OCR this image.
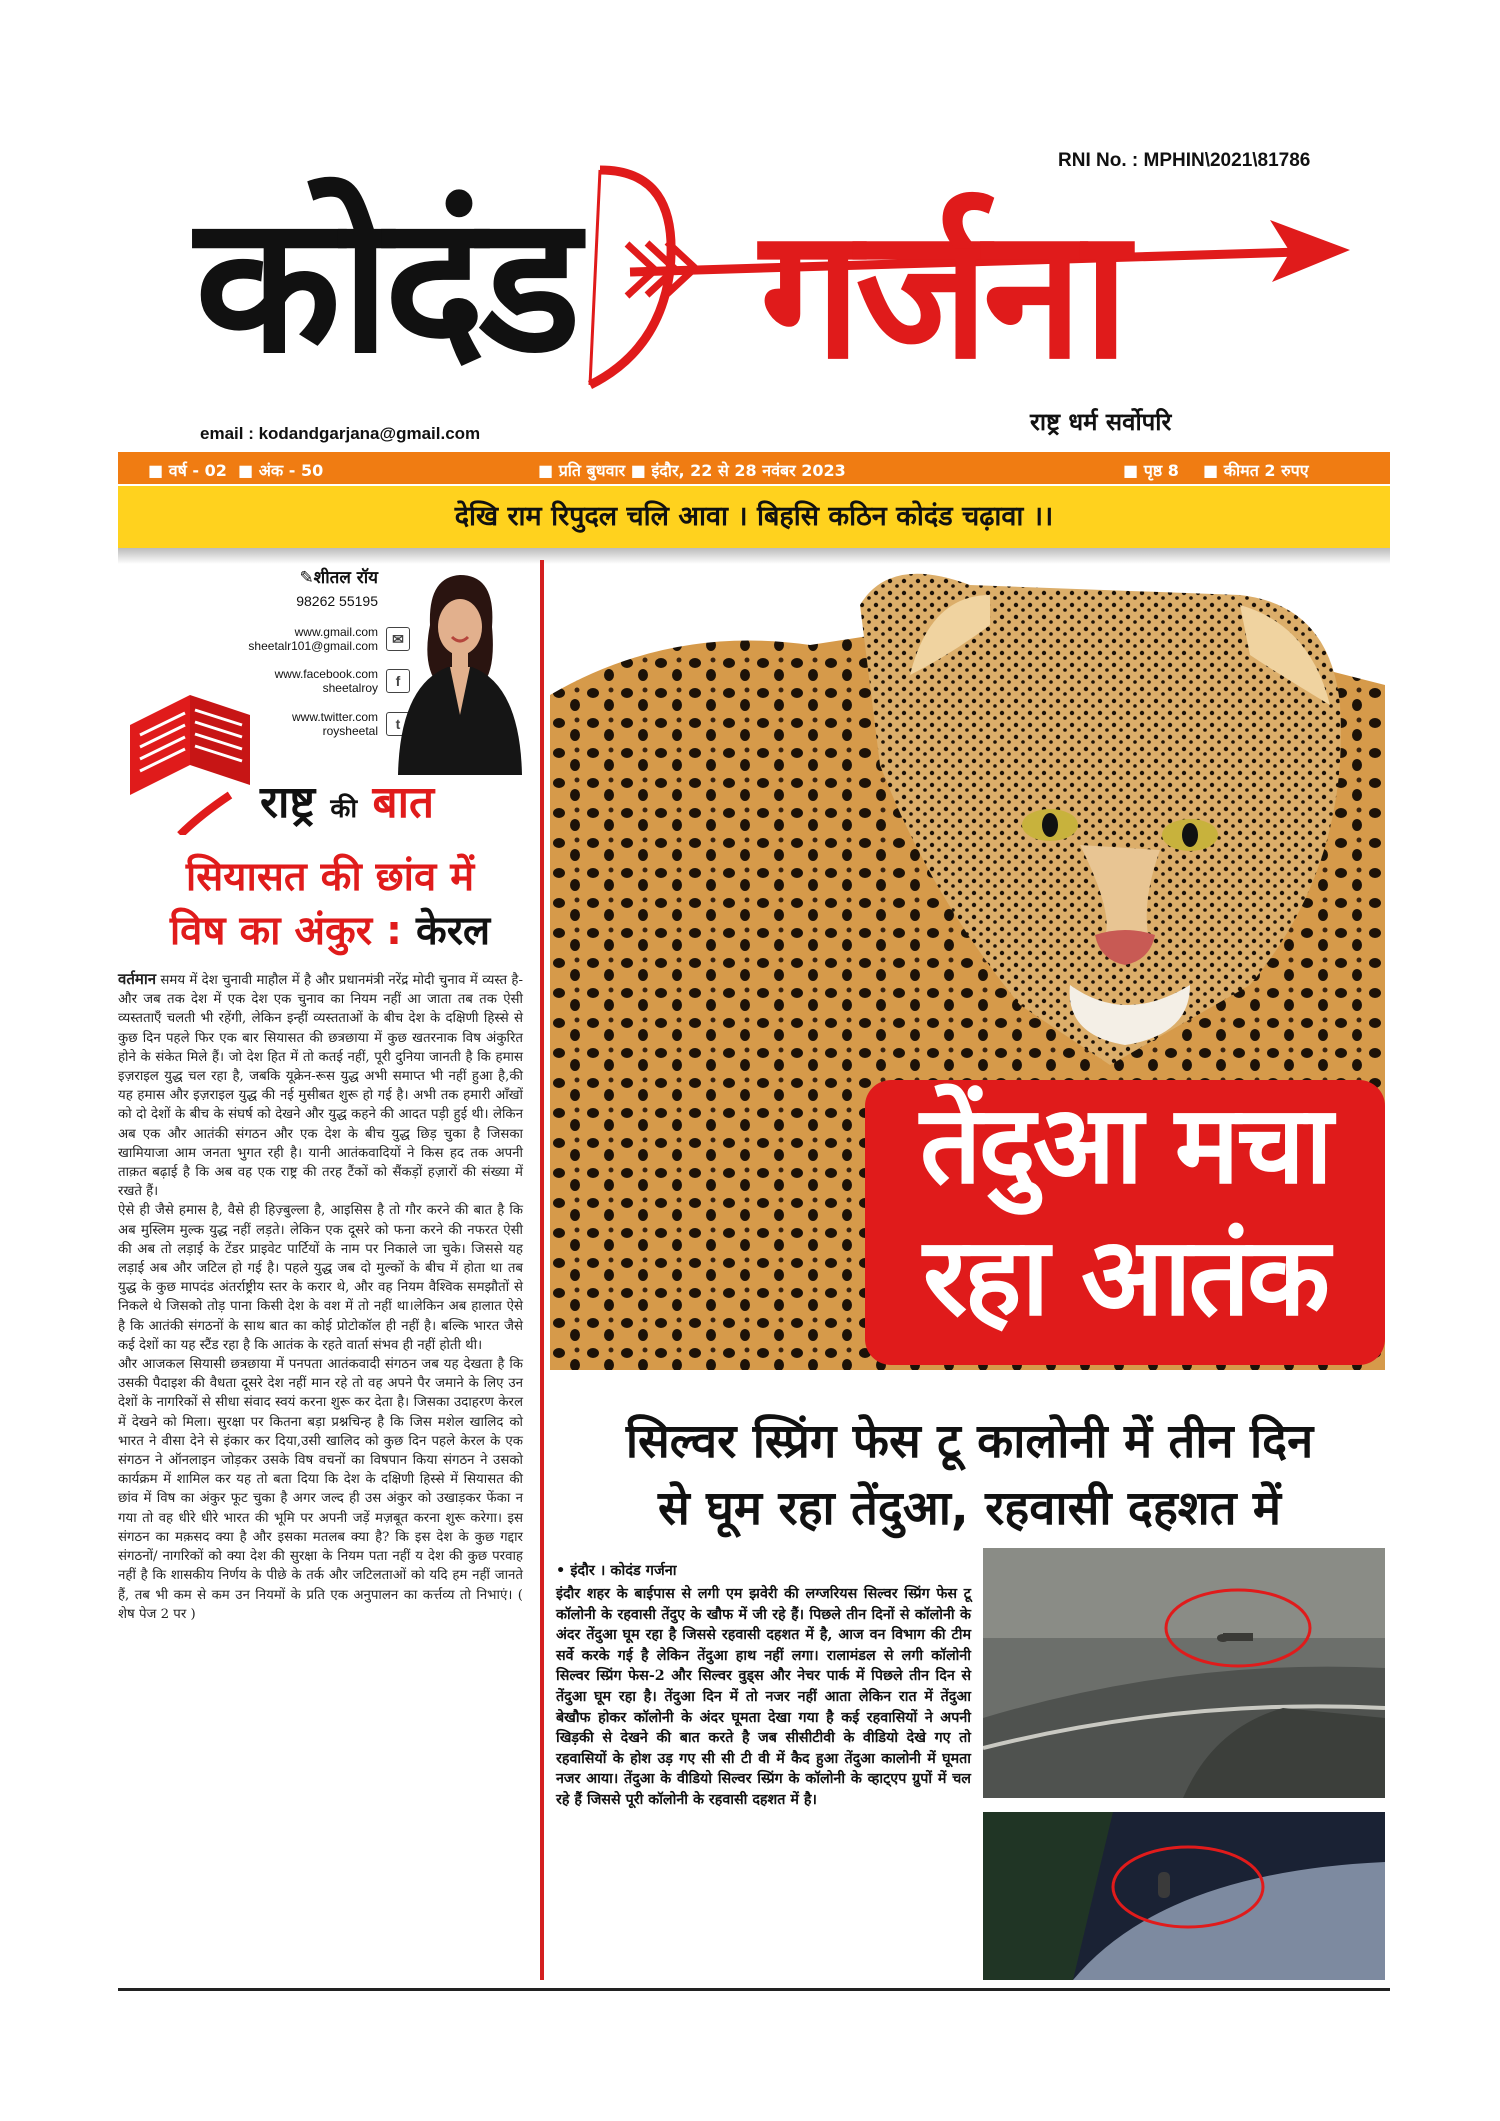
RNI No. : MPHIN\2021\81786
कोदंड गर्जना
राष्ट्र धर्म सर्वोपरि
email : kodandgarjana@gmail.com
■ वर्ष - 02 ■ अंक - 50	■ प्रति बुधवार ■ इंदौर, 22 से 28 नवंबर 2023	■ पृष्ठ 8 ■ कीमत 2 रुपए
देखि राम रिपुदल चलि आवा । बिहसि कठिन कोदंड चढ़ावा ।।
✎शीतल रॉय
98262 55195
www.gmail.com
sheetalr101@gmail.com	✉
www.facebook.com
sheetalroy	f
www.twitter.com
roysheetal	t
राष्ट्र की बात
सियासत की छांव में
विष का अंकुर : केरल

वर्तमान समय में देश चुनावी माहौल में है और प्रधानमंत्री नरेंद्र मोदी चुनाव में व्यस्त है- और जब तक देश में एक देश एक चुनाव का नियम नहीं आ जाता तब तक ऐसी व्यस्तताएँ चलती भी रहेंगी, लेकिन इन्हीं व्यस्तताओं के बीच देश के दक्षिणी हिस्से से कुछ दिन पहले फिर एक बार सियासत की छत्रछाया में कुछ खतरनाक विष अंकुरित होने के संकेत मिले हैं। जो देश हित में तो कतई नहीं, पूरी दुनिया जानती है कि हमास इज़राइल युद्ध चल रहा है, जबकि यूक्रेन-रूस युद्ध अभी समाप्त भी नहीं हुआ है,की यह हमास और इज़राइल युद्ध की नई मुसीबत शुरू हो गई है। अभी तक हमारी आँखों को दो देशों के बीच के संघर्ष को देखने और युद्ध कहने की आदत पड़ी हुई थी। लेकिन अब एक और आतंकी संगठन और एक देश के बीच युद्ध छिड़ चुका है जिसका खामियाजा आम जनता भुगत रही है। यानी आतंकवादियों ने किस हद तक अपनी ताक़त बढ़ाई है कि अब वह एक राष्ट्र की तरह टैंकों को सैंकड़ों हज़ारों की संख्या में रखते हैं।

ऐसे ही जैसे हमास है, वैसे ही हिज़्बुल्ला है, आइसिस है तो गौर करने की बात है कि अब मुस्लिम मुल्क युद्ध नहीं लड़ते। लेकिन एक दूसरे को फना करने की नफरत ऐसी की अब तो लड़ाई के टेंडर प्राइवेट पार्टियों के नाम पर निकाले जा चुके। जिससे यह लड़ाई अब और जटिल हो गई है। पहले युद्ध जब दो मुल्कों के बीच में होता था तब युद्ध के कुछ मापदंड अंतर्राष्ट्रीय स्तर के करार थे, और वह नियम वैश्विक समझौतों से निकले थे जिसको तोड़ पाना किसी देश के वश में तो नहीं था।लेकिन अब हालात ऐसे है कि आतंकी संगठनों के साथ बात का कोई प्रोटोकॉल ही नहीं है। बल्कि भारत जैसे कई देशों का यह स्टैंड रहा है कि आतंक के रहते वार्ता संभव ही नहीं होती थी।

और आजकल सियासी छत्रछाया में पनपता आतंकवादी संगठन जब यह देखता है कि उसकी पैदाइश की वैधता दूसरे देश नहीं मान रहे तो वह अपने पैर जमाने के लिए उन देशों के नागरिकों से सीधा संवाद स्वयं करना शुरू कर देता है। जिसका उदाहरण केरल में देखने को मिला। सुरक्षा पर कितना बड़ा प्रश्नचिन्ह है कि जिस मशेल खालिद को भारत ने वीसा देने से इंकार कर दिया,उसी खालिद को कुछ दिन पहले केरल के एक संगठन ने ऑनलाइन जोड़कर उसके विष वचनों का विषपान किया संगठन ने उसको कार्यक्रम में शामिल कर यह तो बता दिया कि देश के दक्षिणी हिस्से में सियासत की छांव में विष का अंकुर फूट चुका है अगर जल्द ही उस अंकुर को उखाड़कर फेंका न गया तो वह धीरे धीरे भारत की भूमि पर अपनी जड़ें मज़बूत करना शुरू करेगा। इस संगठन का मक़सद क्या है और इसका मतलब क्या है? कि इस देश के कुछ गद्दार संगठनों/ नागरिकों को क्या देश की सुरक्षा के नियम पता नहीं य देश की कुछ परवाह नहीं है कि शासकीय निर्णय के पीछे के तर्क और जटिलताओं को यदि हम नहीं जानते हैं, तब भी कम से कम उन नियमों के प्रति एक अनुपालन का कर्त्तव्य तो निभाएं। ( शेष पेज 2 पर )

तेंदुआ मचा
रहा आतंक
सिल्वर स्प्रिंग फेस टू कालोनी में तीन दिन
से घूम रहा तेंदुआ, रहवासी दहशत में
• इंदौर । कोदंड गर्जना
इंदौर शहर के बाईपास से लगी एम झवेरी की लग्जरियस सिल्वर स्प्रिंग फेस टू कॉलोनी के रहवासी तेंदुए के खौफ में जी रहे हैं। पिछले तीन दिनों से कॉलोनी के अंदर तेंदुआ घूम रहा है जिससे रहवासी दहशत में है, आज वन विभाग की टीम सर्वे करके गई है लेकिन तेंदुआ हाथ नहीं लगा। रालामंडल से लगी कॉलोनी सिल्वर स्प्रिंग फेस-2 और सिल्वर वुड्स और नेचर पार्क में पिछले तीन दिन से तेंदुआ घूम रहा है। तेंदुआ दिन में तो नजर नहीं आता लेकिन रात में तेंदुआ बेखौफ होकर कॉलोनी के अंदर घूमता देखा गया है कई रहवासियों ने अपनी खिड़की से देखने की बात करते है जब सीसीटीवी के वीडियो देखे गए तो रहवासियों के होश उड़ गए सी सी टी वी में कैद हुआ तेंदुआ कालोनी में घूमता नजर आया। तेंदुआ के वीडियो सिल्वर स्प्रिंग के कॉलोनी के व्हाट्एप ग्रुपों में चल रहे हैं जिससे पूरी कॉलोनी के रहवासी दहशत में है।
